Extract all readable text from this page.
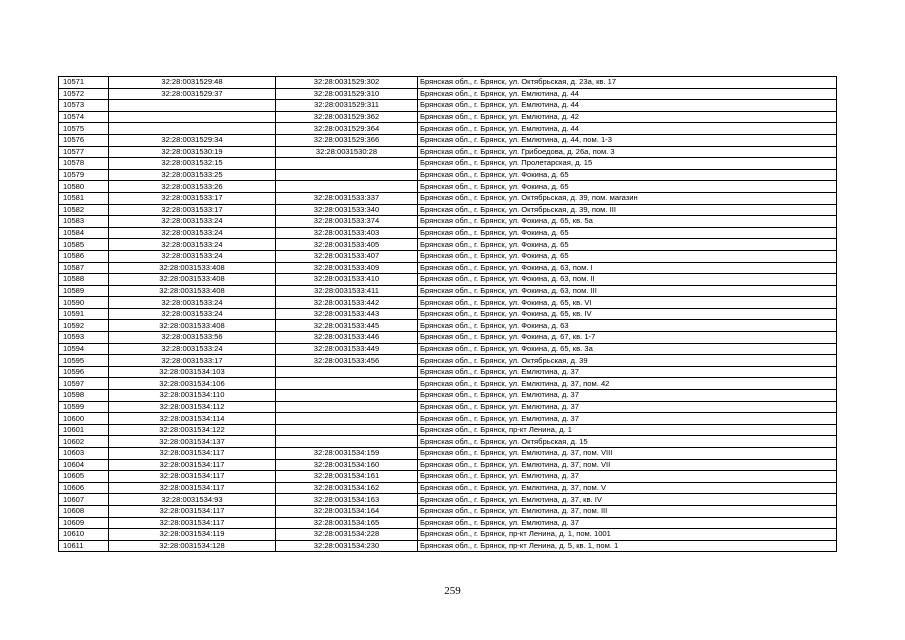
10571	32:28:0031529:48	32:28:0031529:302	Брянская обл., г. Брянск, ул. Октябрьская, д. 23а, кв. 17
10572	32:28:0031529:37	32:28:0031529:310	Брянская обл., г. Брянск, ул. Емлютина, д. 44
10573		32:28:0031529:311	Брянская обл., г. Брянск, ул. Емлютина, д. 44
10574		32:28:0031529:362	Брянская обл., г. Брянск, ул. Емлютина, д. 42
10575		32:28:0031529:364	Брянская обл., г. Брянск, ул. Емлютина, д. 44
10576	32:28:0031529:34	32:28:0031529:366	Брянская обл., г. Брянск, ул. Емлютина, д. 44, пом. 1-3
10577	32:28:0031530:19	32:28:0031530:28	Брянская обл., г. Брянск, ул. Грибоедова, д. 26а, пом. 3
10578	32:28:0031532:15		Брянская обл., г. Брянск, ул. Пролетарская, д. 15
10579	32:28:0031533:25		Брянская обл., г. Брянск, ул. Фокина, д. 65
10580	32:28:0031533:26		Брянская обл., г. Брянск, ул. Фокина, д. 65
10581	32:28:0031533:17	32:28:0031533:337	Брянская обл., г. Брянск, ул. Октябрьская, д. 39, пом. магазин
10582	32:28:0031533:17	32:28:0031533:340	Брянская обл., г. Брянск, ул. Октябрьская, д. 39, пом. III
10583	32:28:0031533:24	32:28:0031533:374	Брянская обл., г. Брянск, ул. Фокина, д. 65, кв. 5а
10584	32:28:0031533:24	32:28:0031533:403	Брянская обл., г. Брянск, ул. Фокина, д. 65
10585	32:28:0031533:24	32:28:0031533:405	Брянская обл., г. Брянск, ул. Фокина, д. 65
10586	32:28:0031533:24	32:28:0031533:407	Брянская обл., г. Брянск, ул. Фокина, д. 65
10587	32:28:0031533:408	32:28:0031533:409	Брянская обл., г. Брянск, ул. Фокина, д. 63, пом. I
10588	32:28:0031533:408	32:28:0031533:410	Брянская обл., г. Брянск, ул. Фокина, д. 63, пом. II
10589	32:28:0031533:408	32:28:0031533:411	Брянская обл., г. Брянск, ул. Фокина, д. 63, пом. III
10590	32:28:0031533:24	32:28:0031533:442	Брянская обл., г. Брянск, ул. Фокина, д. 65, кв. VI
10591	32:28:0031533:24	32:28:0031533:443	Брянская обл., г. Брянск, ул. Фокина, д. 65, кв. IV
10592	32:28:0031533:408	32:28:0031533:445	Брянская обл., г. Брянск, ул. Фокина, д. 63
10593	32:28:0031533:56	32:28:0031533:446	Брянская обл., г. Брянск, ул. Фокина, д. 67, кв. 1-7
10594	32:28:0031533:24	32:28:0031533:449	Брянская обл., г. Брянск, ул. Фокина, д. 65, кв. 3а
10595	32:28:0031533:17	32:28:0031533:456	Брянская обл., г. Брянск, ул. Октябрьская, д. 39
10596	32:28:0031534:103		Брянская обл., г. Брянск, ул. Емлютина, д. 37
10597	32:28:0031534:106		Брянская обл., г. Брянск, ул. Емлютина, д. 37, пом. 42
10598	32:28:0031534:110		Брянская обл., г. Брянск, ул. Емлютина, д. 37
10599	32:28:0031534:112		Брянская обл., г. Брянск, ул. Емлютина, д. 37
10600	32:28:0031534:114		Брянская обл., г. Брянск, ул. Емлютина, д. 37
10601	32:28:0031534:122		Брянская обл., г. Брянск, пр-кт Ленина, д. 1
10602	32:28:0031534:137		Брянская обл., г. Брянск, ул. Октябрьская, д. 15
10603	32:28:0031534:117	32:28:0031534:159	Брянская обл., г. Брянск, ул. Емлютина, д. 37, пом. VIII
10604	32:28:0031534:117	32:28:0031534:160	Брянская обл., г. Брянск, ул. Емлютина, д. 37, пом. VII
10605	32:28:0031534:117	32:28:0031534:161	Брянская обл., г. Брянск, ул. Емлютина, д. 37
10606	32:28:0031534:117	32:28:0031534:162	Брянская обл., г. Брянск, ул. Емлютина, д. 37, пом. V
10607	32:28:0031534:93	32:28:0031534:163	Брянская обл., г. Брянск, ул. Емлютина, д. 37, кв. IV
10608	32:28:0031534:117	32:28:0031534:164	Брянская обл., г. Брянск, ул. Емлютина, д. 37, пом. III
10609	32:28:0031534:117	32:28:0031534:165	Брянская обл., г. Брянск, ул. Емлютина, д. 37
10610	32:28:0031534:119	32:28:0031534:228	Брянская обл., г. Брянск, пр-кт Ленина, д. 1, пом. 1001
10611	32:28:0031534:128	32:28:0031534:230	Брянская обл., г. Брянск, пр-кт Ленина, д. 5, кв. 1, пом. 1
259
